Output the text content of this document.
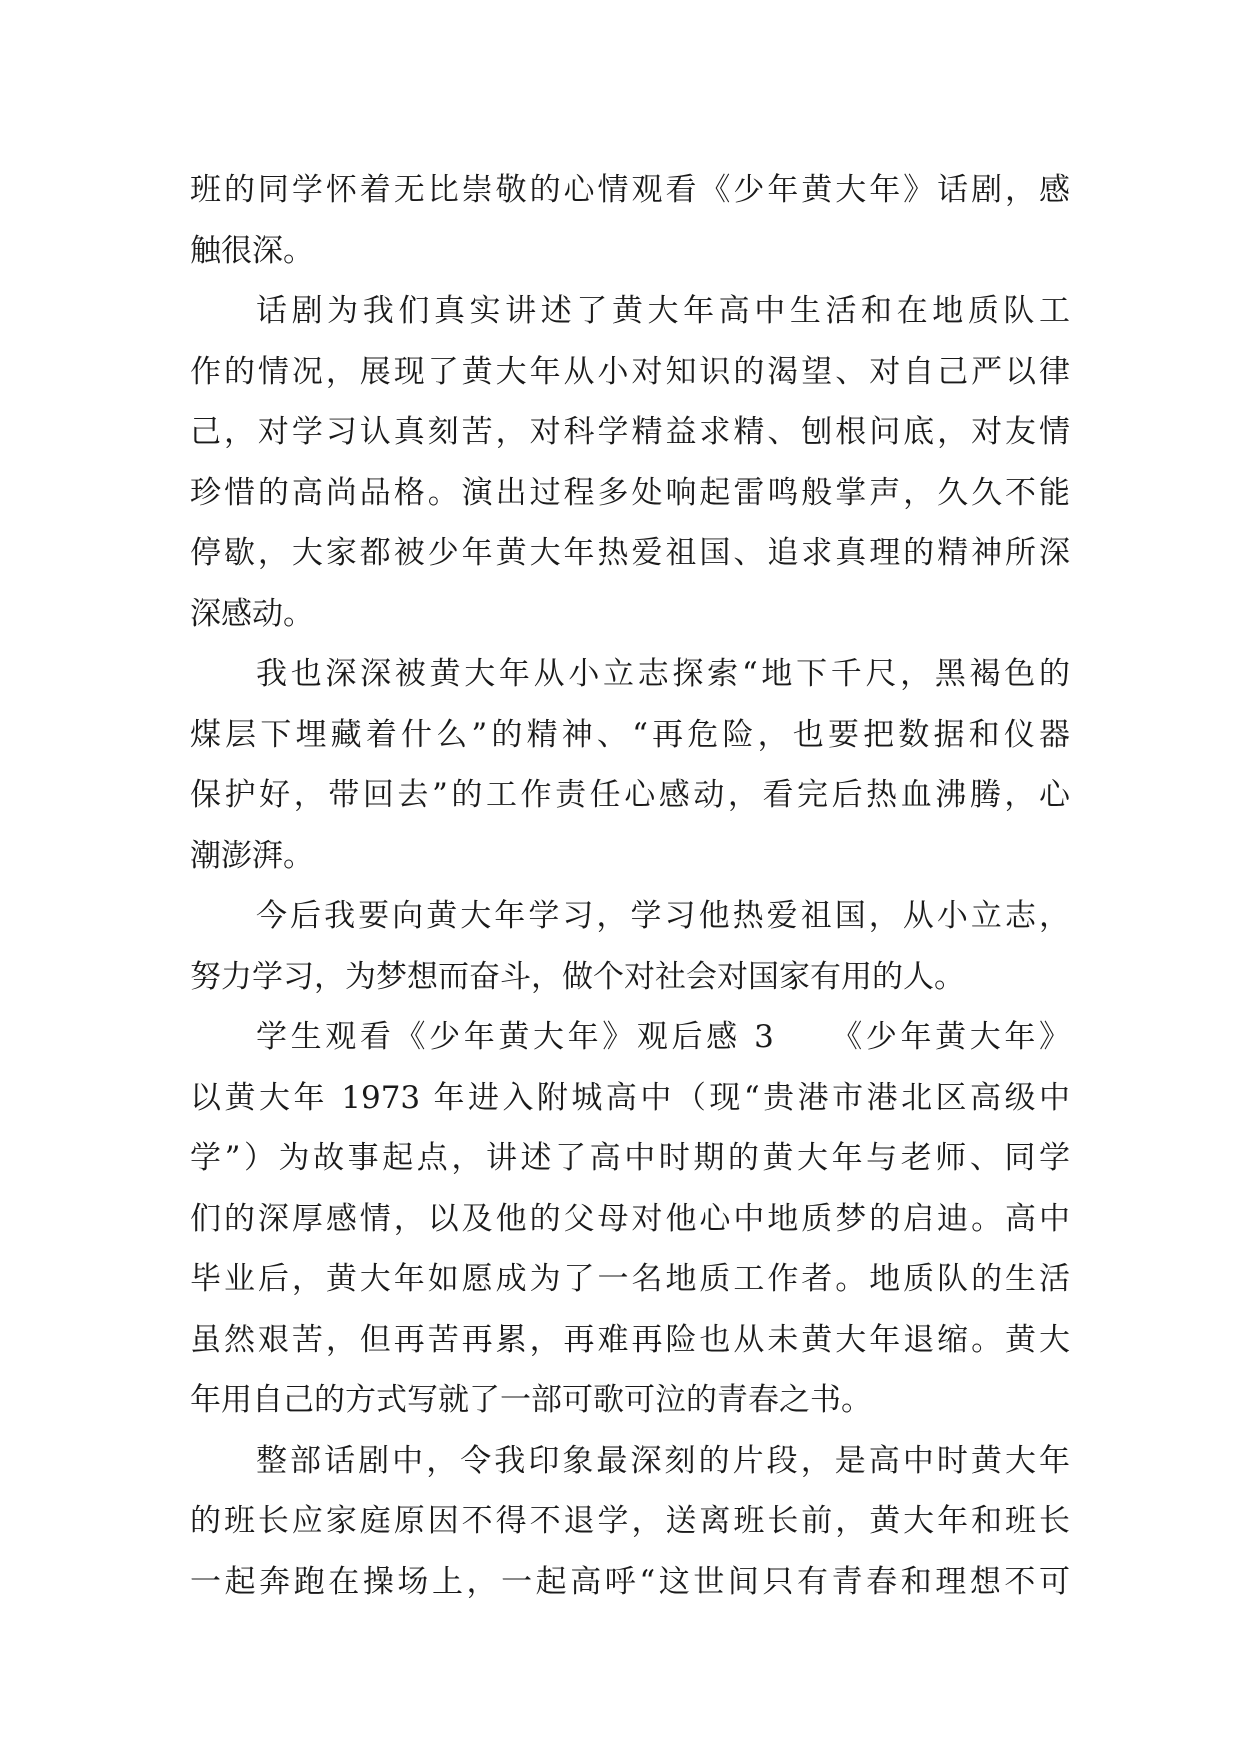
班的同学怀着无比崇敬的心情观看《少年黄大年》话剧，感
触很深。
话剧为我们真实讲述了黄大年高中生活和在地质队工
作的情况，展现了黄大年从小对知识的渴望、对自己严以律
己，对学习认真刻苦，对科学精益求精、刨根问底，对友情
珍惜的高尚品格。演出过程多处响起雷鸣般掌声，久久不能
停歇，大家都被少年黄大年热爱祖国、追求真理的精神所深
深感动。
我也深深被黄大年从小立志探索“地下千尺，黑褐色的
煤层下埋藏着什么”的精神、“再危险，也要把数据和仪器
保护好，带回去”的工作责任心感动，看完后热血沸腾，心
潮澎湃。
今后我要向黄大年学习，学习他热爱祖国，从小立志，
努力学习，为梦想而奋斗，做个对社会对国家有用的人。
学生观看《少年黄大年》观后感 3　　《少年黄大年》
以黄大年 1973 年进入附城高中（现“贵港市港北区高级中
学”）为故事起点，讲述了高中时期的黄大年与老师、同学
们的深厚感情，以及他的父母对他心中地质梦的启迪。高中
毕业后，黄大年如愿成为了一名地质工作者。地质队的生活
虽然艰苦，但再苦再累，再难再险也从未黄大年退缩。黄大
年用自己的方式写就了一部可歌可泣的青春之书。
整部话剧中，令我印象最深刻的片段，是高中时黄大年
的班长应家庭原因不得不退学，送离班长前，黄大年和班长
一起奔跑在操场上，一起高呼“这世间只有青春和理想不可
